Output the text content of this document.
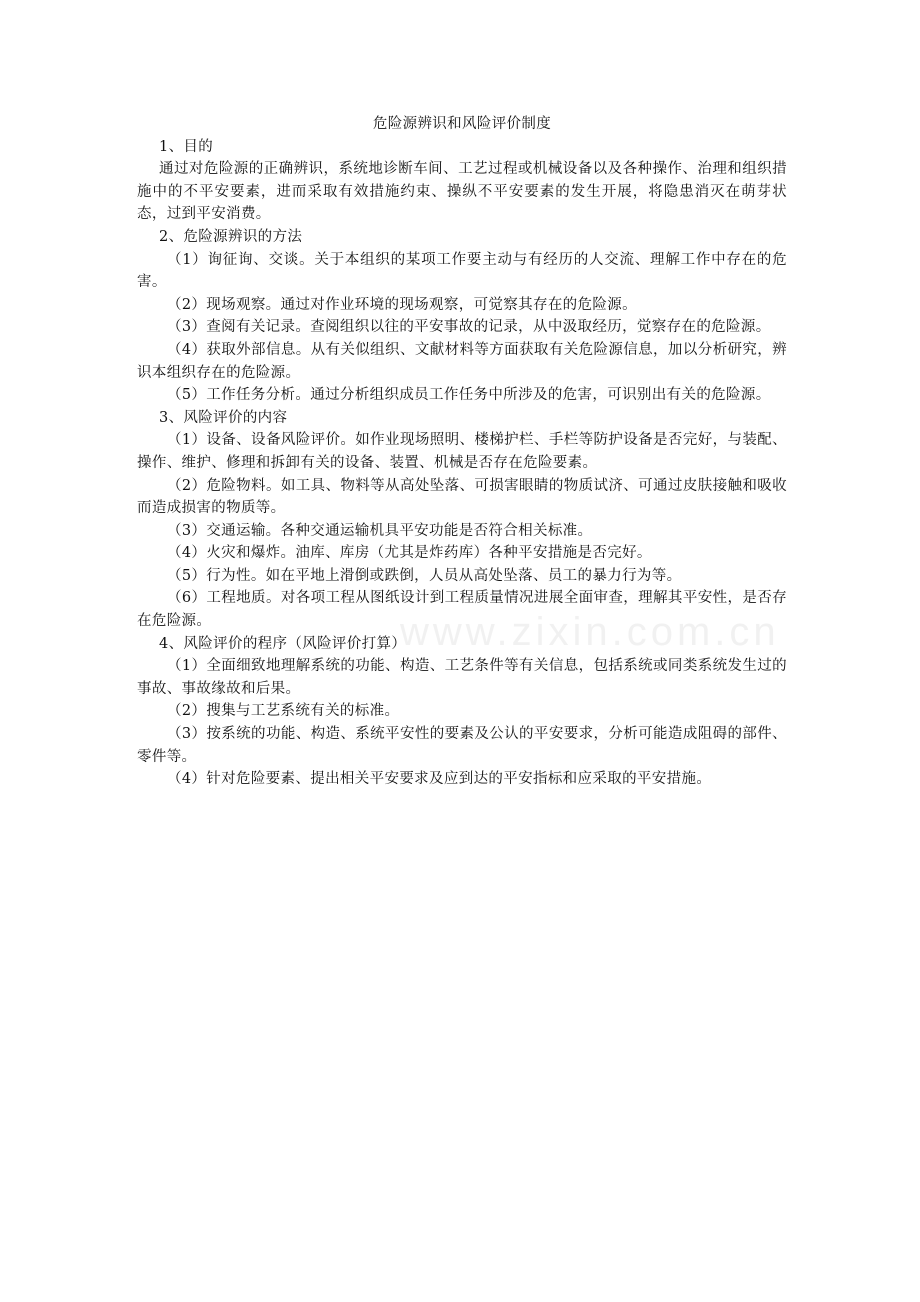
www.zixin.com.cn

危险源辨识和风险评价制度

1、目的

通过对危险源的正确辨识，系统地诊断车间、工艺过程或机械设备以及各种操作、治理和组织措施中的不平安要素，进而采取有效措施约束、操纵不平安要素的发生开展，将隐患消灭在萌芽状态，过到平安消费。

2、危险源辨识的方法

（1）询征询、交谈。关于本组织的某项工作要主动与有经历的人交流、理解工作中存在的危害。

（2）现场观察。通过对作业环境的现场观察，可觉察其存在的危险源。

（3）查阅有关记录。查阅组织以往的平安事故的记录，从中汲取经历，觉察存在的危险源。

（4）获取外部信息。从有关似组织、文献材料等方面获取有关危险源信息，加以分析研究，辨识本组织存在的危险源。

（5）工作任务分析。通过分析组织成员工作任务中所涉及的危害，可识别出有关的危险源。

3、风险评价的内容

（1）设备、设备风险评价。如作业现场照明、楼梯护栏、手栏等防护设备是否完好，与装配、操作、维护、修理和拆卸有关的设备、装置、机械是否存在危险要素。

（2）危险物料。如工具、物料等从高处坠落、可损害眼睛的物质试济、可通过皮肤接触和吸收而造成损害的物质等。

（3）交通运输。各种交通运输机具平安功能是否符合相关标准。

（4）火灾和爆炸。油库、库房（尤其是炸药库）各种平安措施是否完好。

（5）行为性。如在平地上滑倒或跌倒，人员从高处坠落、员工的暴力行为等。

（6）工程地质。对各项工程从图纸设计到工程质量情况进展全面审查，理解其平安性，是否存在危险源。

4、风险评价的程序（风险评价打算）

（1）全面细致地理解系统的功能、构造、工艺条件等有关信息，包括系统或同类系统发生过的事故、事故缘故和后果。

（2）搜集与工艺系统有关的标准。

（3）按系统的功能、构造、系统平安性的要素及公认的平安要求，分析可能造成阻碍的部件、零件等。

（4）针对危险要素、提出相关平安要求及应到达的平安指标和应采取的平安措施。
